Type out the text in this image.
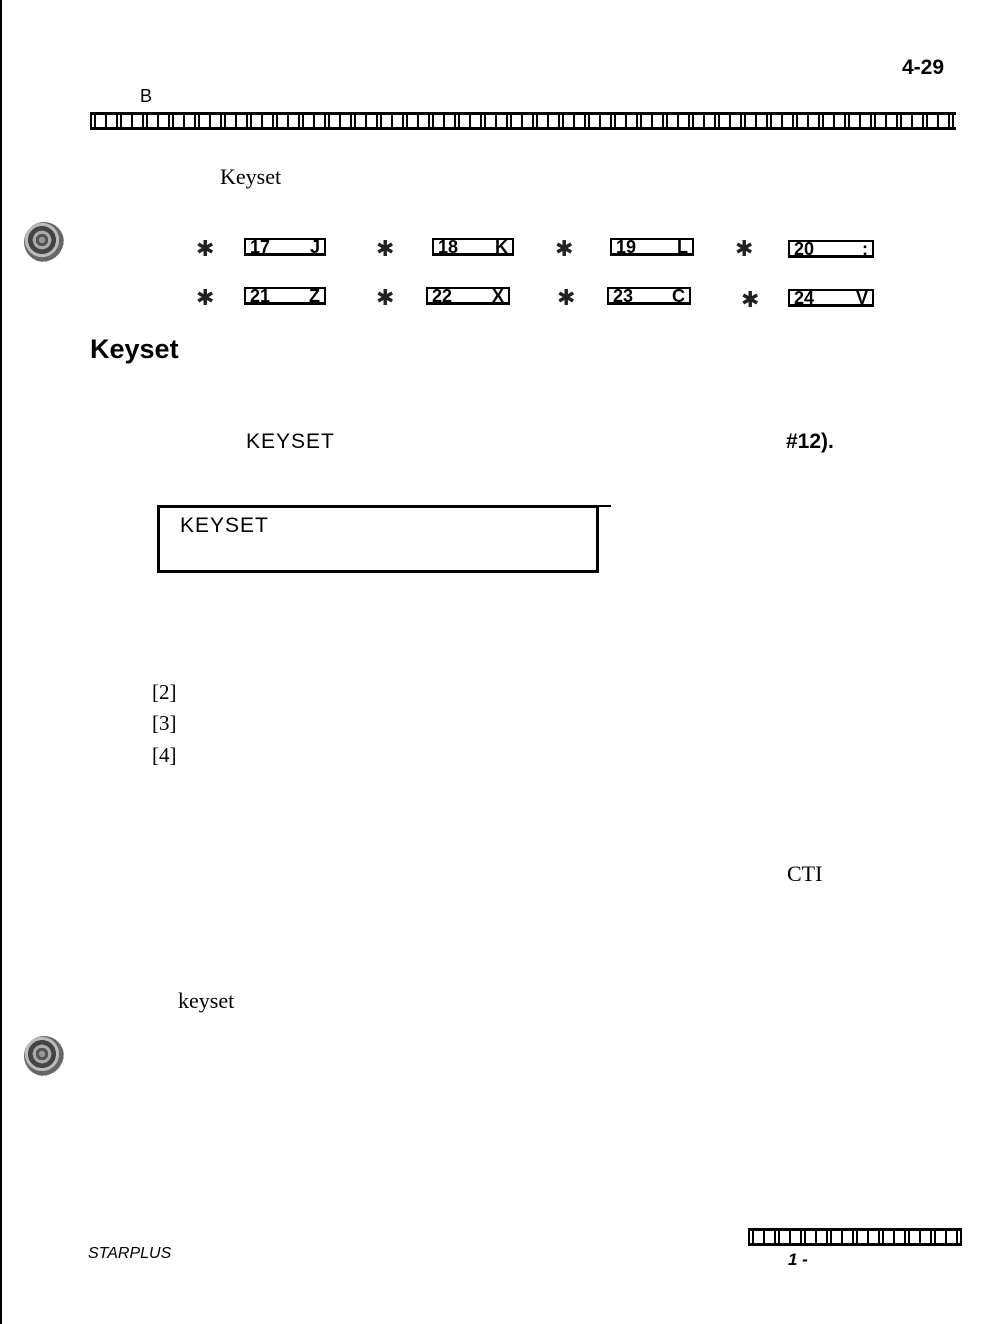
4-29
B
Keyset
✱ 17 J	✱ 18 K ✱ 19 L ✱ 20	:
✱ 21 Z	✱ 22 X ✱ 23 C	✱ 24 V
Keyset
KEYSET	#12).
KEYSET
[2]
[3]
[4]
CTI
keyset
STARPLUS	1 -
